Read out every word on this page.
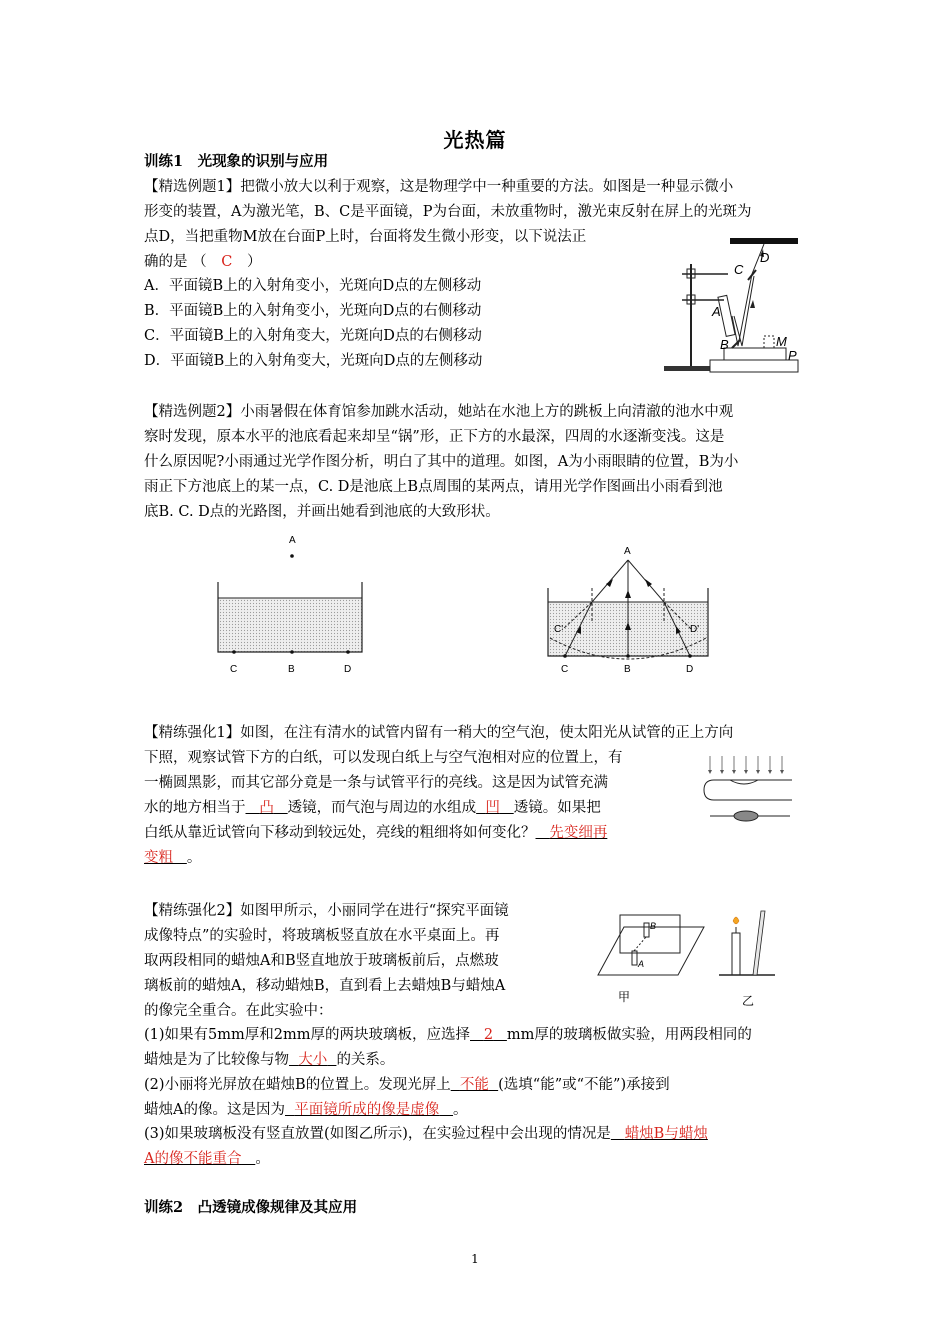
光热篇
训练1　光现象的识别与应用
【精选例题1】把微小放大以利于观察，这是物理学中一种重要的方法。如图是一种显示微小
形变的装置，A为激光笔，B、C是平面镜，P为台面，未放重物时，激光束反射在屏上的光斑为
点D，当把重物M放在台面P上时，台面将发生微小形变，以下说法正
确的是 （ C ）
A．平面镜B上的入射角变小，光斑向D点的左侧移动
B．平面镜B上的入射角变小，光斑向D点的右侧移动
C．平面镜B上的入射角变大，光斑向D点的右侧移动
D．平面镜B上的入射角变大，光斑向D点的左侧移动
D
C
A
B	M
P
【精选例题2】小雨暑假在体育馆参加跳水活动，她站在水池上方的跳板上向清澈的池水中观
察时发现，原本水平的池底看起来却呈“锅”形，正下方的水最深，四周的水逐渐变浅。这是
什么原因呢?小雨通过光学作图分析，明白了其中的道理。如图，A为小雨眼睛的位置，B为小
雨正下方池底上的某一点，C. D是池底上B点周围的某两点，请用光学作图画出小雨看到池
底B. C. D点的光路图，并画出她看到池底的大致形状。
A
C	B	D
A
C'	D'
C	B	D
【精练强化1】如图，在注有清水的试管内留有一稍大的空气泡，使太阳光从试管的正上方向
下照，观察试管下方的白纸，可以发现白纸上与空气泡相对应的位置上，有
一椭圆黑影，而其它部分竟是一条与试管平行的亮线。这是因为试管充满
水的地方相当于 凸 透镜，而气泡与周边的水组成 凹 透镜。如果把
白纸从靠近试管向下移动到较远处，亮线的粗细将如何变化？ 先变细再
变粗 。
【精练强化2】如图甲所示，小丽同学在进行“探究平面镜
成像特点”的实验时，将玻璃板竖直放在水平桌面上。再
取两段相同的蜡烛A和B竖直地放于玻璃板前后，点燃玻
璃板前的蜡烛A，移动蜡烛B，直到看上去蜡烛B与蜡烛A
的像完全重合。在此实验中：
(1)如果有5mm厚和2mm厚的两块玻璃板，应选择 2 mm厚的玻璃板做实验，用两段相同的
蜡烛是为了比较像与物 大小 的关系。
(2)小丽将光屏放在蜡烛B的位置上。发现光屏上 不能 (选填“能”或“不能”)承接到
蜡烛A的像。这是因为 平面镜所成的像是虚像 。
(3)如果玻璃板没有竖直放置(如图乙所示)，在实验过程中会出现的情况是 蜡烛B与蜡烛
A的像不能重合 。
B
A
甲	乙
训练2　凸透镜成像规律及其应用
1
